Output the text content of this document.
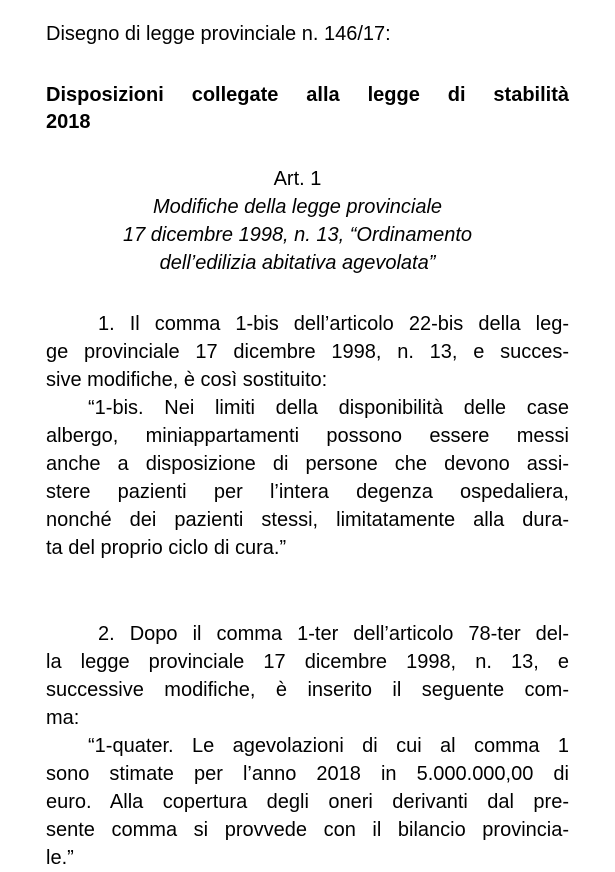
Disegno di legge provinciale n. 146/17:
Disposizioni collegate alla legge di stabilità
2018
Art. 1
Modifiche della legge provinciale
17 dicembre 1998, n. 13, “Ordinamento
dell’edilizia abitativa agevolata”
1. Il comma 1-bis dell’articolo 22-bis della leg-
ge provinciale 17 dicembre 1998, n. 13, e succes-
sive modifiche, è così sostituito:
“1-bis. Nei limiti della disponibilità delle case
albergo, miniappartamenti possono essere messi
anche a disposizione di persone che devono assi-
stere pazienti per l’intera degenza ospedaliera,
nonché dei pazienti stessi, limitatamente alla dura-
ta del proprio ciclo di cura.”
2. Dopo il comma 1-ter dell’articolo 78-ter del-
la legge provinciale 17 dicembre 1998, n. 13, e
successive modifiche, è inserito il seguente com-
ma:
“1-quater. Le agevolazioni di cui al comma 1
sono stimate per l’anno 2018 in 5.000.000,00 di
euro. Alla copertura degli oneri derivanti dal pre-
sente comma si provvede con il bilancio provincia-
le.”
